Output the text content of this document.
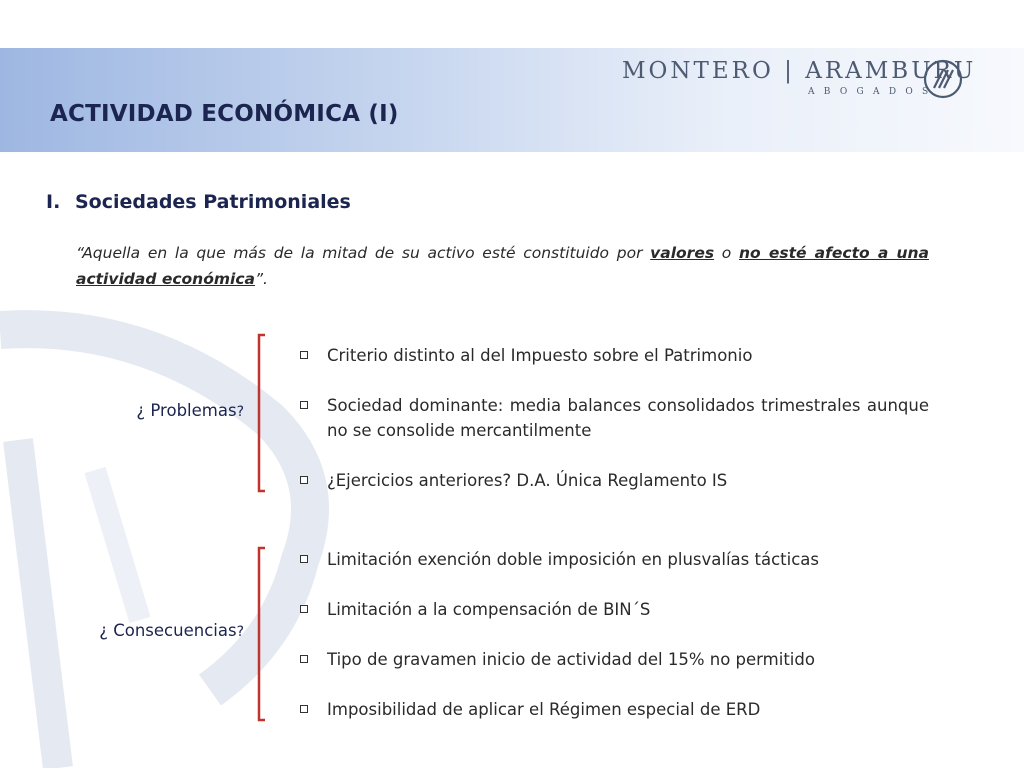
ACTIVIDAD ECONÓMICA (I)
MONTERO | ARAMBURU
ABOGADOS
I. Sociedades Patrimoniales
“Aquella en la que más de la mitad de su activo esté constituido por valores o no esté afecto a una actividad económica”.
¿ Problemas?
Criterio distinto al del Impuesto sobre el Patrimonio
Sociedad dominante: media balances consolidados trimestrales aunque no se consolide mercantilmente
¿Ejercicios anteriores? D.A. Única Reglamento IS
¿ Consecuencias?
Limitación exención doble imposición en plusvalías tácticas
Limitación a la compensación de BIN´S
Tipo de gravamen inicio de actividad del 15% no permitido
Imposibilidad de aplicar el Régimen especial de ERD
